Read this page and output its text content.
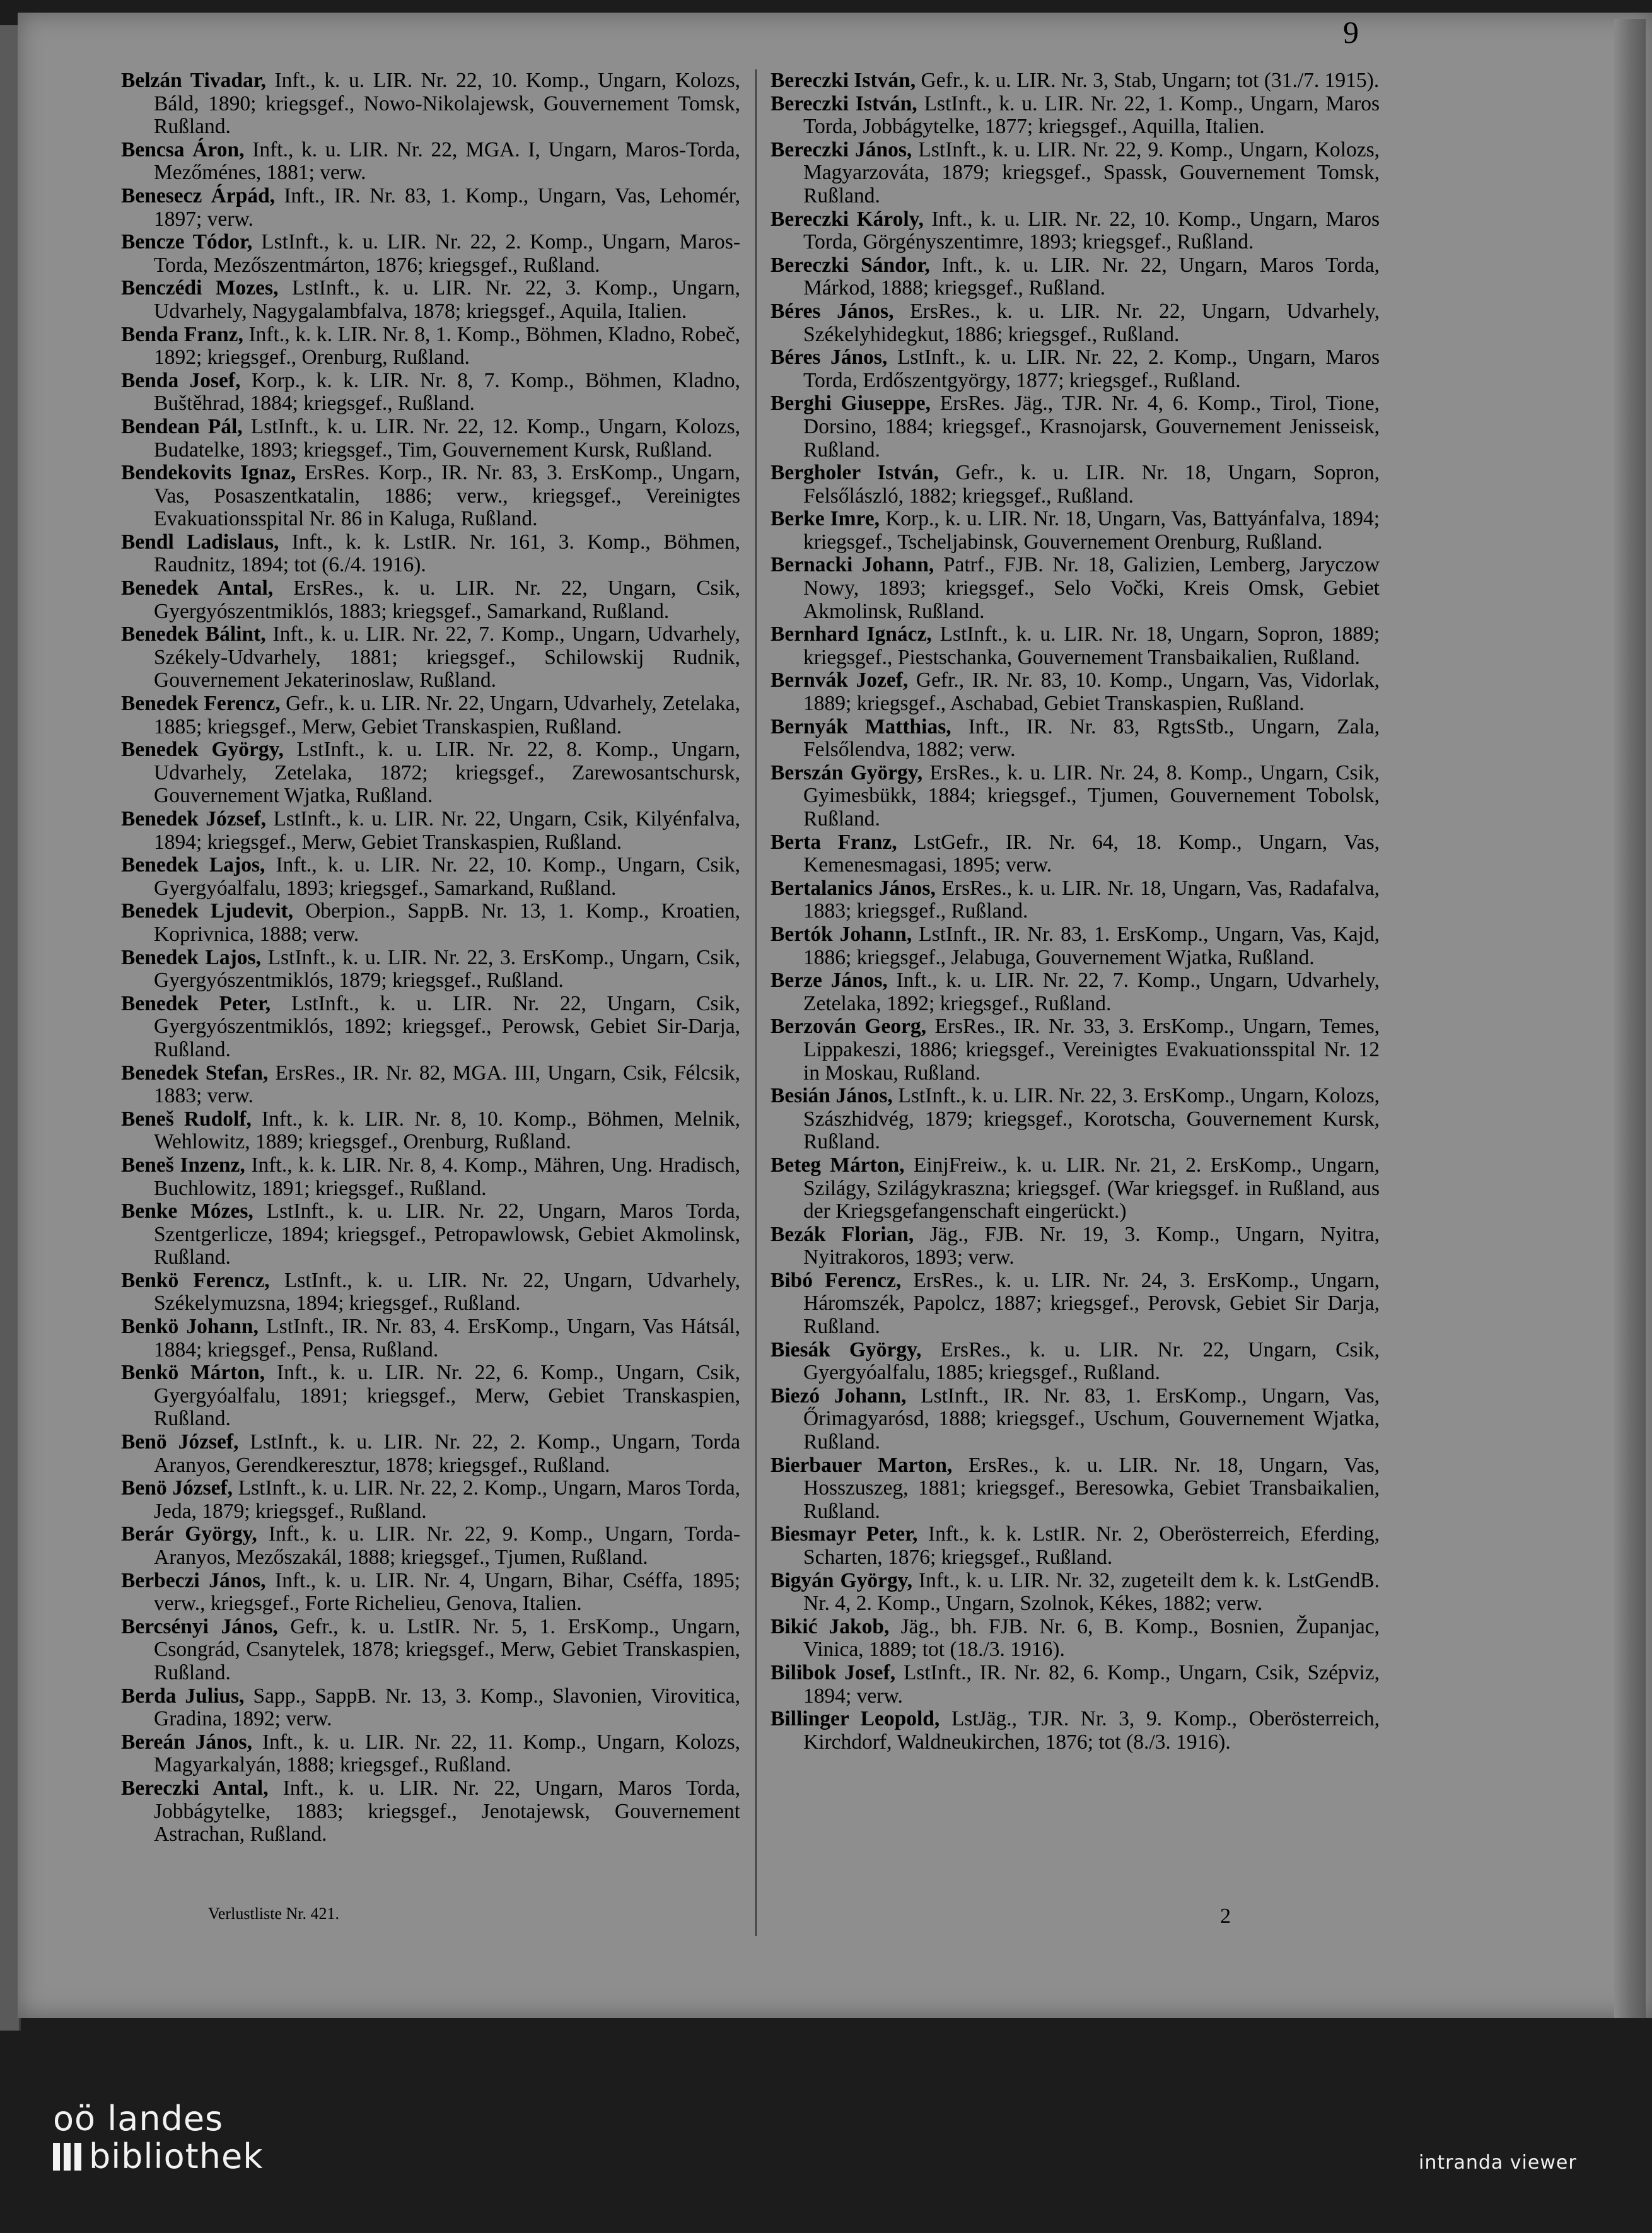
9

Belzán Tivadar, Inft., k. u. LIR. Nr. 22, 10. Komp., Ungarn, Kolozs, Báld, 1890; kriegsgef., Nowo-Nikolajewsk, Gouvernement Tomsk, Rußland.

Bencsa Áron, Inft., k. u. LIR. Nr. 22, MGA. I, Ungarn, Maros-Torda, Mezőménes, 1881; verw.

Benesecz Árpád, Inft., IR. Nr. 83, 1. Komp., Ungarn, Vas, Lehomér, 1897; verw.

Bencze Tódor, LstInft., k. u. LIR. Nr. 22, 2. Komp., Ungarn, Maros-Torda, Mezőszentmárton, 1876; kriegsgef., Rußland.

Benczédi Mozes, LstInft., k. u. LIR. Nr. 22, 3. Komp., Ungarn, Udvarhely, Nagygalambfalva, 1878; kriegsgef., Aquila, Italien.

Benda Franz, Inft., k. k. LIR. Nr. 8, 1. Komp., Böhmen, Kladno, Robeč, 1892; kriegsgef., Orenburg, Rußland.

Benda Josef, Korp., k. k. LIR. Nr. 8, 7. Komp., Böhmen, Kladno, Buštěhrad, 1884; kriegsgef., Rußland.

Bendean Pál, LstInft., k. u. LIR. Nr. 22, 12. Komp., Ungarn, Kolozs, Budatelke, 1893; kriegsgef., Tim, Gouvernement Kursk, Rußland.

Bendekovits Ignaz, ErsRes. Korp., IR. Nr. 83, 3. ErsKomp., Ungarn, Vas, Posaszentkatalin, 1886; verw., kriegsgef., Vereinigtes Evakuationsspital Nr. 86 in Kaluga, Rußland.

Bendl Ladislaus, Inft., k. k. LstIR. Nr. 161, 3. Komp., Böhmen, Raudnitz, 1894; tot (6./4. 1916).

Benedek Antal, ErsRes., k. u. LIR. Nr. 22, Ungarn, Csik, Gyergyószentmiklós, 1883; kriegsgef., Samarkand, Rußland.

Benedek Bálint, Inft., k. u. LIR. Nr. 22, 7. Komp., Ungarn, Udvarhely, Székely-Udvarhely, 1881; kriegsgef., Schilowskij Rudnik, Gouvernement Jekaterinoslaw, Rußland.

Benedek Ferencz, Gefr., k. u. LIR. Nr. 22, Ungarn, Udvarhely, Zetelaka, 1885; kriegsgef., Merw, Gebiet Transkaspien, Rußland.

Benedek György, LstInft., k. u. LIR. Nr. 22, 8. Komp., Ungarn, Udvarhely, Zetelaka, 1872; kriegsgef., Zarewosantschursk, Gouvernement Wjatka, Rußland.

Benedek József, LstInft., k. u. LIR. Nr. 22, Ungarn, Csik, Kilyénfalva, 1894; kriegsgef., Merw, Gebiet Transkaspien, Rußland.

Benedek Lajos, Inft., k. u. LIR. Nr. 22, 10. Komp., Ungarn, Csik, Gyergyóalfalu, 1893; kriegsgef., Samarkand, Rußland.

Benedek Ljudevit, Oberpion., SappB. Nr. 13, 1. Komp., Kroatien, Koprivnica, 1888; verw.

Benedek Lajos, LstInft., k. u. LIR. Nr. 22, 3. ErsKomp., Ungarn, Csik, Gyergyószentmiklós, 1879; kriegsgef., Rußland.

Benedek Peter, LstInft., k. u. LIR. Nr. 22, Ungarn, Csik, Gyergyószentmiklós, 1892; kriegsgef., Perowsk, Gebiet Sir-Darja, Rußland.

Benedek Stefan, ErsRes., IR. Nr. 82, MGA. III, Ungarn, Csik, Félcsik, 1883; verw.

Beneš Rudolf, Inft., k. k. LIR. Nr. 8, 10. Komp., Böhmen, Melnik, Wehlowitz, 1889; kriegsgef., Orenburg, Rußland.

Beneš Inzenz, Inft., k. k. LIR. Nr. 8, 4. Komp., Mähren, Ung. Hradisch, Buchlowitz, 1891; kriegsgef., Rußland.

Benke Mózes, LstInft., k. u. LIR. Nr. 22, Ungarn, Maros Torda, Szentgerlicze, 1894; kriegsgef., Petropawlowsk, Gebiet Akmolinsk, Rußland.

Benkö Ferencz, LstInft., k. u. LIR. Nr. 22, Ungarn, Udvarhely, Székelymuzsna, 1894; kriegsgef., Rußland.

Benkö Johann, LstInft., IR. Nr. 83, 4. ErsKomp., Ungarn, Vas Hátsál, 1884; kriegsgef., Pensa, Rußland.

Benkö Márton, Inft., k. u. LIR. Nr. 22, 6. Komp., Ungarn, Csik, Gyergyóalfalu, 1891; kriegsgef., Merw, Gebiet Transkaspien, Rußland.

Benö József, LstInft., k. u. LIR. Nr. 22, 2. Komp., Ungarn, Torda Aranyos, Gerendkeresztur, 1878; kriegsgef., Rußland.

Benö József, LstInft., k. u. LIR. Nr. 22, 2. Komp., Ungarn, Maros Torda, Jeda, 1879; kriegsgef., Rußland.

Berár György, Inft., k. u. LIR. Nr. 22, 9. Komp., Ungarn, Torda-Aranyos, Mezőszakál, 1888; kriegsgef., Tjumen, Rußland.

Berbeczi János, Inft., k. u. LIR. Nr. 4, Ungarn, Bihar, Cséffa, 1895; verw., kriegsgef., Forte Richelieu, Genova, Italien.

Bercsényi János, Gefr., k. u. LstIR. Nr. 5, 1. ErsKomp., Ungarn, Csongrád, Csanytelek, 1878; kriegsgef., Merw, Gebiet Transkaspien, Rußland.

Berda Julius, Sapp., SappB. Nr. 13, 3. Komp., Slavonien, Virovitica, Gradina, 1892; verw.

Bereán János, Inft., k. u. LIR. Nr. 22, 11. Komp., Ungarn, Kolozs, Magyarkalyán, 1888; kriegsgef., Rußland.

Bereczki Antal, Inft., k. u. LIR. Nr. 22, Ungarn, Maros Torda, Jobbágytelke, 1883; kriegsgef., Jenotajewsk, Gouvernement Astrachan, Rußland.

Bereczki István, Gefr., k. u. LIR. Nr. 3, Stab, Ungarn; tot (31./7. 1915).

Bereczki István, LstInft., k. u. LIR. Nr. 22, 1. Komp., Ungarn, Maros Torda, Jobbágytelke, 1877; kriegsgef., Aquilla, Italien.

Bereczki János, LstInft., k. u. LIR. Nr. 22, 9. Komp., Ungarn, Kolozs, Magyarzováta, 1879; kriegsgef., Spassk, Gouvernement Tomsk, Rußland.

Bereczki Károly, Inft., k. u. LIR. Nr. 22, 10. Komp., Ungarn, Maros Torda, Görgényszentimre, 1893; kriegsgef., Rußland.

Bereczki Sándor, Inft., k. u. LIR. Nr. 22, Ungarn, Maros Torda, Márkod, 1888; kriegsgef., Rußland.

Béres János, ErsRes., k. u. LIR. Nr. 22, Ungarn, Udvarhely, Székelyhidegkut, 1886; kriegsgef., Rußland.

Béres János, LstInft., k. u. LIR. Nr. 22, 2. Komp., Ungarn, Maros Torda, Erdőszentgyörgy, 1877; kriegsgef., Rußland.

Berghi Giuseppe, ErsRes. Jäg., TJR. Nr. 4, 6. Komp., Tirol, Tione, Dorsino, 1884; kriegsgef., Krasnojarsk, Gouvernement Jenisseisk, Rußland.

Bergholer István, Gefr., k. u. LIR. Nr. 18, Ungarn, Sopron, Felsőlászló, 1882; kriegsgef., Rußland.

Berke Imre, Korp., k. u. LIR. Nr. 18, Ungarn, Vas, Battyánfalva, 1894; kriegsgef., Tscheljabinsk, Gouvernement Orenburg, Rußland.

Bernacki Johann, Patrf., FJB. Nr. 18, Galizien, Lemberg, Jaryczow Nowy, 1893; kriegsgef., Selo Vočki, Kreis Omsk, Gebiet Akmolinsk, Rußland.

Bernhard Ignácz, LstInft., k. u. LIR. Nr. 18, Ungarn, Sopron, 1889; kriegsgef., Piestschanka, Gouvernement Transbaikalien, Rußland.

Bernvák Jozef, Gefr., IR. Nr. 83, 10. Komp., Ungarn, Vas, Vidorlak, 1889; kriegsgef., Aschabad, Gebiet Transkaspien, Rußland.

Bernyák Matthias, Inft., IR. Nr. 83, RgtsStb., Ungarn, Zala, Felsőlendva, 1882; verw.

Berszán György, ErsRes., k. u. LIR. Nr. 24, 8. Komp., Ungarn, Csik, Gyimesbükk, 1884; kriegsgef., Tjumen, Gouvernement Tobolsk, Rußland.

Berta Franz, LstGefr., IR. Nr. 64, 18. Komp., Ungarn, Vas, Kemenesmagasi, 1895; verw.

Bertalanics János, ErsRes., k. u. LIR. Nr. 18, Ungarn, Vas, Radafalva, 1883; kriegsgef., Rußland.

Bertók Johann, LstInft., IR. Nr. 83, 1. ErsKomp., Ungarn, Vas, Kajd, 1886; kriegsgef., Jelabuga, Gouvernement Wjatka, Rußland.

Berze János, Inft., k. u. LIR. Nr. 22, 7. Komp., Ungarn, Udvarhely, Zetelaka, 1892; kriegsgef., Rußland.

Berzován Georg, ErsRes., IR. Nr. 33, 3. ErsKomp., Ungarn, Temes, Lippakeszi, 1886; kriegsgef., Vereinigtes Evakuationsspital Nr. 12 in Moskau, Rußland.

Besián János, LstInft., k. u. LIR. Nr. 22, 3. ErsKomp., Ungarn, Kolozs, Szászhidvég, 1879; kriegsgef., Korotscha, Gouvernement Kursk, Rußland.

Beteg Márton, EinjFreiw., k. u. LIR. Nr. 21, 2. ErsKomp., Ungarn, Szilágy, Szilágykraszna; kriegsgef. (War kriegsgef. in Rußland, aus der Kriegsgefangenschaft eingerückt.)

Bezák Florian, Jäg., FJB. Nr. 19, 3. Komp., Ungarn, Nyitra, Nyitrakoros, 1893; verw.

Bibó Ferencz, ErsRes., k. u. LIR. Nr. 24, 3. ErsKomp., Ungarn, Háromszék, Papolcz, 1887; kriegsgef., Perovsk, Gebiet Sir Darja, Rußland.

Biesák György, ErsRes., k. u. LIR. Nr. 22, Ungarn, Csik, Gyergyóalfalu, 1885; kriegsgef., Rußland.

Biezó Johann, LstInft., IR. Nr. 83, 1. ErsKomp., Ungarn, Vas, Őrimagyarósd, 1888; kriegsgef., Uschum, Gouvernement Wjatka, Rußland.

Bierbauer Marton, ErsRes., k. u. LIR. Nr. 18, Ungarn, Vas, Hosszuszeg, 1881; kriegsgef., Beresowka, Gebiet Transbaikalien, Rußland.

Biesmayr Peter, Inft., k. k. LstIR. Nr. 2, Oberösterreich, Eferding, Scharten, 1876; kriegsgef., Rußland.

Bigyán György, Inft., k. u. LIR. Nr. 32, zugeteilt dem k. k. LstGendB. Nr. 4, 2. Komp., Ungarn, Szolnok, Kékes, 1882; verw.

Bikić Jakob, Jäg., bh. FJB. Nr. 6, B. Komp., Bosnien, Županjac, Vinica, 1889; tot (18./3. 1916).

Bilibok Josef, LstInft., IR. Nr. 82, 6. Komp., Ungarn, Csik, Szépviz, 1894; verw.

Billinger Leopold, LstJäg., TJR. Nr. 3, 9. Komp., Oberösterreich, Kirchdorf, Waldneukirchen, 1876; tot (8./3. 1916).

Verlustliste Nr. 421.	2
oö landes
bibliothek	intranda viewer
